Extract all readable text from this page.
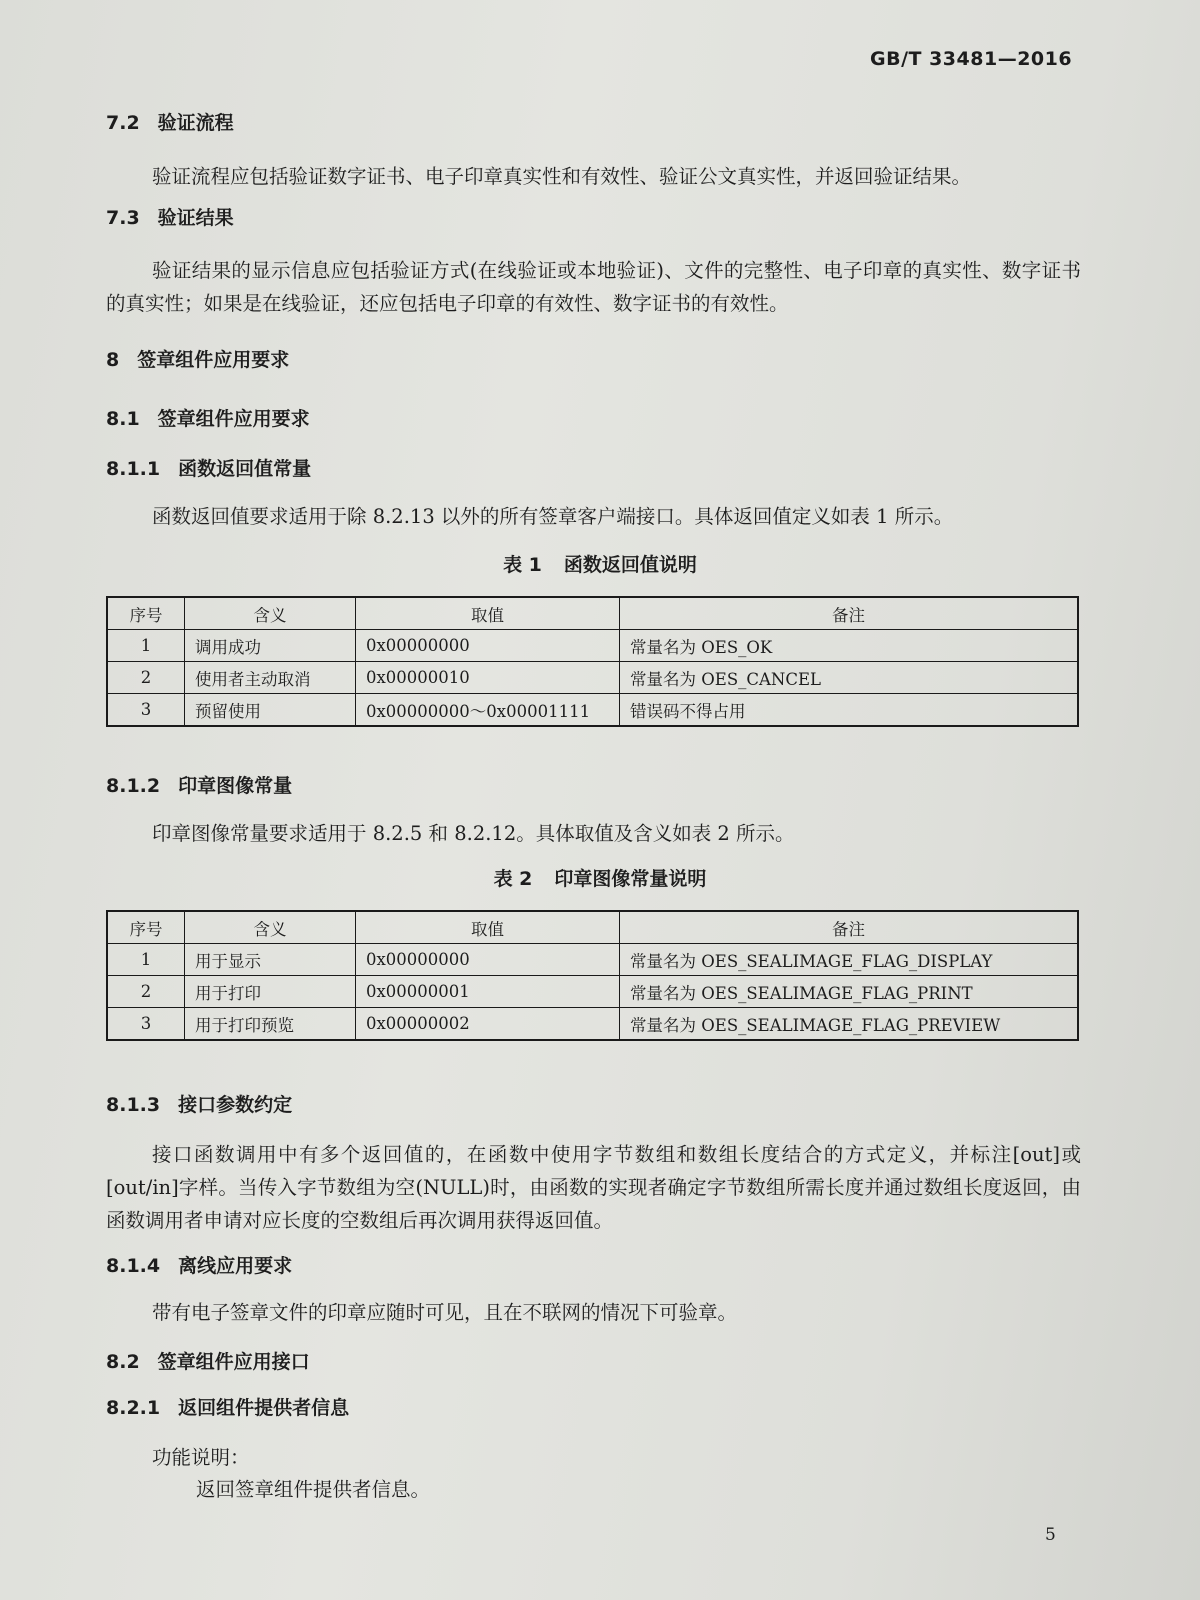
GB/T 33481—2016
7.2 验证流程
验证流程应包括验证数字证书、电子印章真实性和有效性、验证公文真实性，并返回验证结果。
7.3 验证结果
验证结果的显示信息应包括验证方式(在线验证或本地验证)、文件的完整性、电子印章的真实性、数字证书的真实性；如果是在线验证，还应包括电子印章的有效性、数字证书的有效性。
8 签章组件应用要求
8.1 签章组件应用要求
8.1.1 函数返回值常量
函数返回值要求适用于除 8.2.13 以外的所有签章客户端接口。具体返回值定义如表 1 所示。
表 1 函数返回值说明
序号	含义	取值	备注
1	调用成功	0x00000000	常量名为 OES_OK
2	使用者主动取消	0x00000010	常量名为 OES_CANCEL
3	预留使用	0x00000000～0x00001111	错误码不得占用
8.1.2 印章图像常量
印章图像常量要求适用于 8.2.5 和 8.2.12。具体取值及含义如表 2 所示。
表 2 印章图像常量说明
序号	含义	取值	备注
1	用于显示	0x00000000	常量名为 OES_SEALIMAGE_FLAG_DISPLAY
2	用于打印	0x00000001	常量名为 OES_SEALIMAGE_FLAG_PRINT
3	用于打印预览	0x00000002	常量名为 OES_SEALIMAGE_FLAG_PREVIEW
8.1.3 接口参数约定
接口函数调用中有多个返回值的，在函数中使用字节数组和数组长度结合的方式定义，并标注[out]或[out/in]字样。当传入字节数组为空(NULL)时，由函数的实现者确定字节数组所需长度并通过数组长度返回，由函数调用者申请对应长度的空数组后再次调用获得返回值。
8.1.4 离线应用要求
带有电子签章文件的印章应随时可见，且在不联网的情况下可验章。
8.2 签章组件应用接口
8.2.1 返回组件提供者信息
功能说明：
返回签章组件提供者信息。
5
